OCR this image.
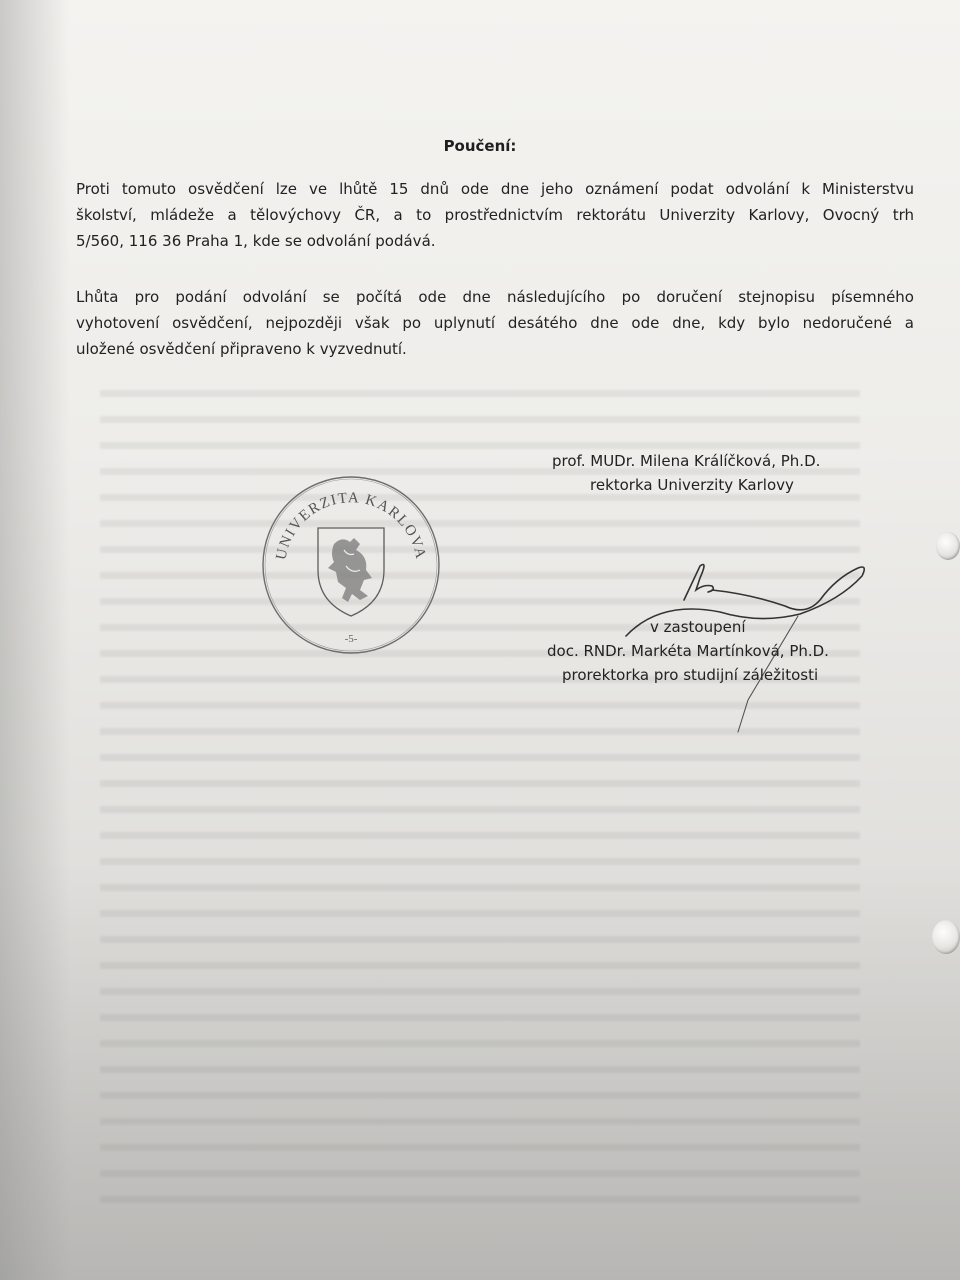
Poučení:
Proti tomuto osvědčení lze ve lhůtě 15 dnů ode dne jeho oznámení podat odvolání k Ministerstvu
školství, mládeže a tělovýchovy ČR, a to prostřednictvím rektorátu Univerzity Karlovy, Ovocný trh
5/560, 116 36 Praha 1, kde se odvolání podává.
Lhůta pro podání odvolání se počítá ode dne následujícího po doručení stejnopisu písemného
vyhotovení osvědčení, nejpozději však po uplynutí desátého dne ode dne, kdy bylo nedoručené a
uložené osvědčení připraveno k vyzvednutí.
prof. MUDr. Milena Králíčková, Ph.D.
rektorka Univerzity Karlovy
UNIVERZITA KARLOVA
-5-
v zastoupení
doc. RNDr. Markéta Martínková, Ph.D.
prorektorka pro studijní záležitosti
